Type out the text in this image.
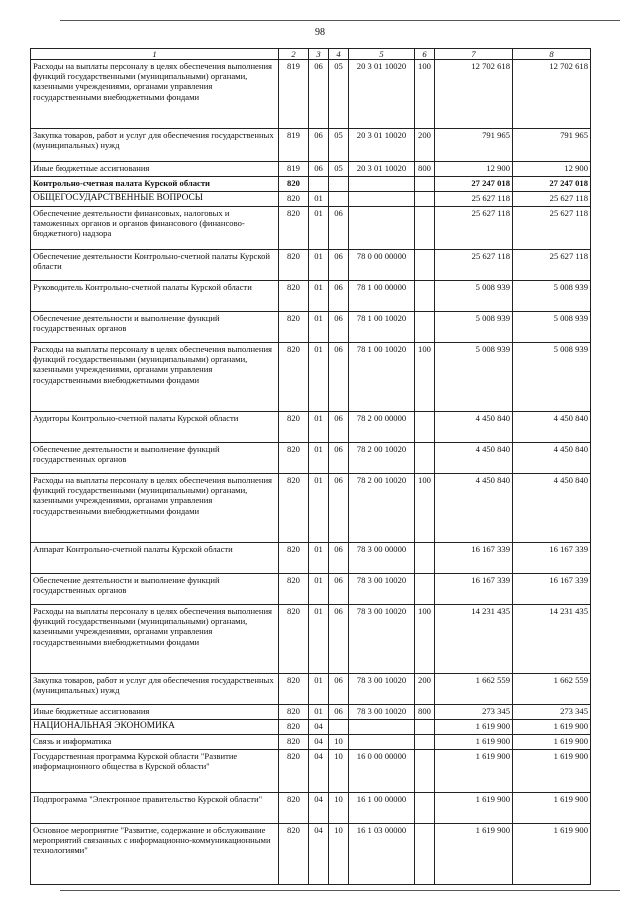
98
1	2	3	4	5	6	7	8
Расходы на выплаты персоналу в целях обеспечения выполнения функций государственными (муниципальными) органами, казенными учреждениями, органами управления государственными внебюджетными фондами	819	06	05	20 3 01 10020	100	12 702 618	12 702 618
Закупка товаров, работ и услуг для обеспечения государственных (муниципальных) нужд	819	06	05	20 3 01 10020	200	791 965	791 965
Иные бюджетные ассигнования	819	06	05	20 3 01 10020	800	12 900	12 900
Контрольно-счетная палата Курской области	820					27 247 018	27 247 018
ОБЩЕГОСУДАРСТВЕННЫЕ ВОПРОСЫ	820	01				25 627 118	25 627 118
Обеспечение деятельности финансовых, налоговых и таможенных органов и органов финансового (финансово-бюджетного) надзора	820	01	06			25 627 118	25 627 118
Обеспечение деятельности Контрольно-счетной палаты Курской области	820	01	06	78 0 00 00000		25 627 118	25 627 118
Руководитель Контрольно-счетной палаты Курской области	820	01	06	78 1 00 00000		5 008 939	5 008 939
Обеспечение деятельности и выполнение функций государственных органов	820	01	06	78 1 00 10020		5 008 939	5 008 939
Расходы на выплаты персоналу в целях обеспечения выполнения функций государственными (муниципальными) органами, казенными учреждениями, органами управления государственными внебюджетными фондами	820	01	06	78 1 00 10020	100	5 008 939	5 008 939
Аудиторы Контрольно-счетной палаты Курской области	820	01	06	78 2 00 00000		4 450 840	4 450 840
Обеспечение деятельности и выполнение функций государственных органов	820	01	06	78 2 00 10020		4 450 840	4 450 840
Расходы на выплаты персоналу в целях обеспечения выполнения функций государственными (муниципальными) органами, казенными учреждениями, органами управления государственными внебюджетными фондами	820	01	06	78 2 00 10020	100	4 450 840	4 450 840
Аппарат Контрольно-счетной палаты Курской области	820	01	06	78 3 00 00000		16 167 339	16 167 339
Обеспечение деятельности и выполнение функций государственных органов	820	01	06	78 3 00 10020		16 167 339	16 167 339
Расходы на выплаты персоналу в целях обеспечения выполнения функций государственными (муниципальными) органами, казенными учреждениями, органами управления государственными внебюджетными фондами	820	01	06	78 3 00 10020	100	14 231 435	14 231 435
Закупка товаров, работ и услуг для обеспечения государственных (муниципальных) нужд	820	01	06	78 3 00 10020	200	1 662 559	1 662 559
Иные бюджетные ассигнования	820	01	06	78 3 00 10020	800	273 345	273 345
НАЦИОНАЛЬНАЯ ЭКОНОМИКА	820	04				1 619 900	1 619 900
Связь и информатика	820	04	10			1 619 900	1 619 900
Государственная программа Курской области "Развитие информационного общества в Курской области"	820	04	10	16 0 00 00000		1 619 900	1 619 900
Подпрограмма "Электронное правительство Курской области"	820	04	10	16 1 00 00000		1 619 900	1 619 900
Основное мероприятие "Развитие, содержание и обслуживание мероприятий связанных с информационно-коммуникационными технологиями"	820	04	10	16 1 03 00000		1 619 900	1 619 900
